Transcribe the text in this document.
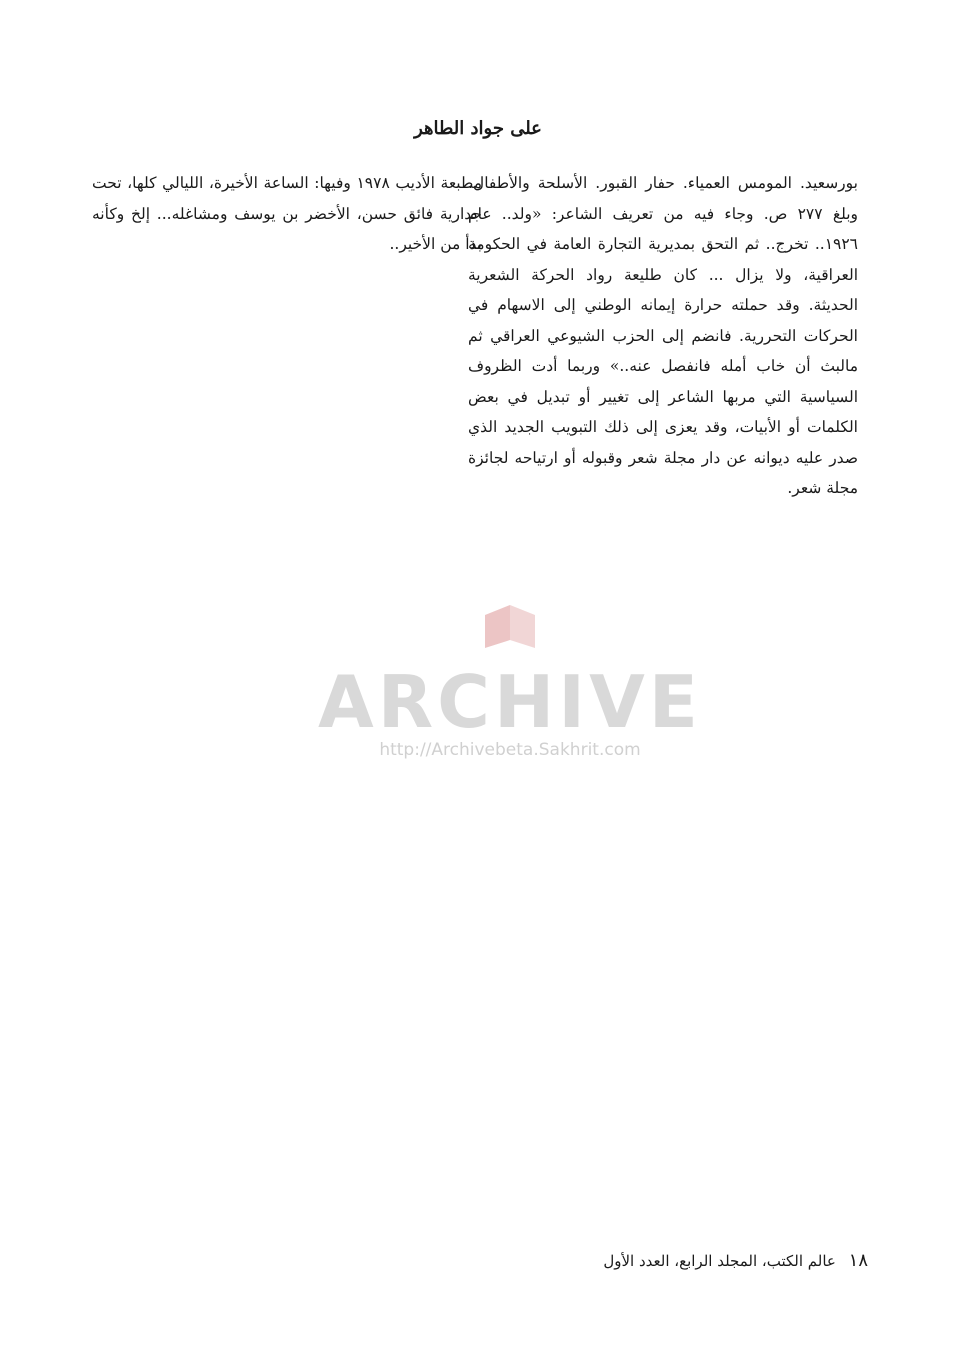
على جواد الطاهر

بورسعيد. المومس العمياء. حفار القبور. الأسلحة والأطفال. وبلغ ٢٧٧ ص. وجاء فيه من تعريف الشاعر: «ولد.. عام ١٩٢٦.. تخرج.. ثم التحق بمديرية التجارة العامة في الحكومة العراقية، ولا يزال ... كان طليعة رواد الحركة الشعرية الحديثة. وقد حملته حرارة إيمانه الوطني إلى الاسهام في الحركات التحررية. فانضم إلى الحزب الشيوعي العراقي ثم مالبث أن خاب أمله فانفصل عنه..» وربما أدت الظروف السياسية التي مربها الشاعر إلى تغيير أو تبديل في بعض الكلمات أو الأبيات، وقد يعزى إلى ذلك التبويب الجديد الذي صدر عليه ديوانه عن دار مجلة شعر وقبوله أو ارتياحه لجائزة مجلة شعر.

مطبعة الأديب ١٩٧٨ وفيها: الساعة الأخيرة، الليالي كلها، تحت جدارية فائق حسن، الأخضر بن يوسف ومشاغله... إلخ وكأنه بدأ من الأخير..

ARCHIVE
http://Archivebeta.Sakhrit.com
١٨ عالم الكتب، المجلد الرابع، العدد الأول
